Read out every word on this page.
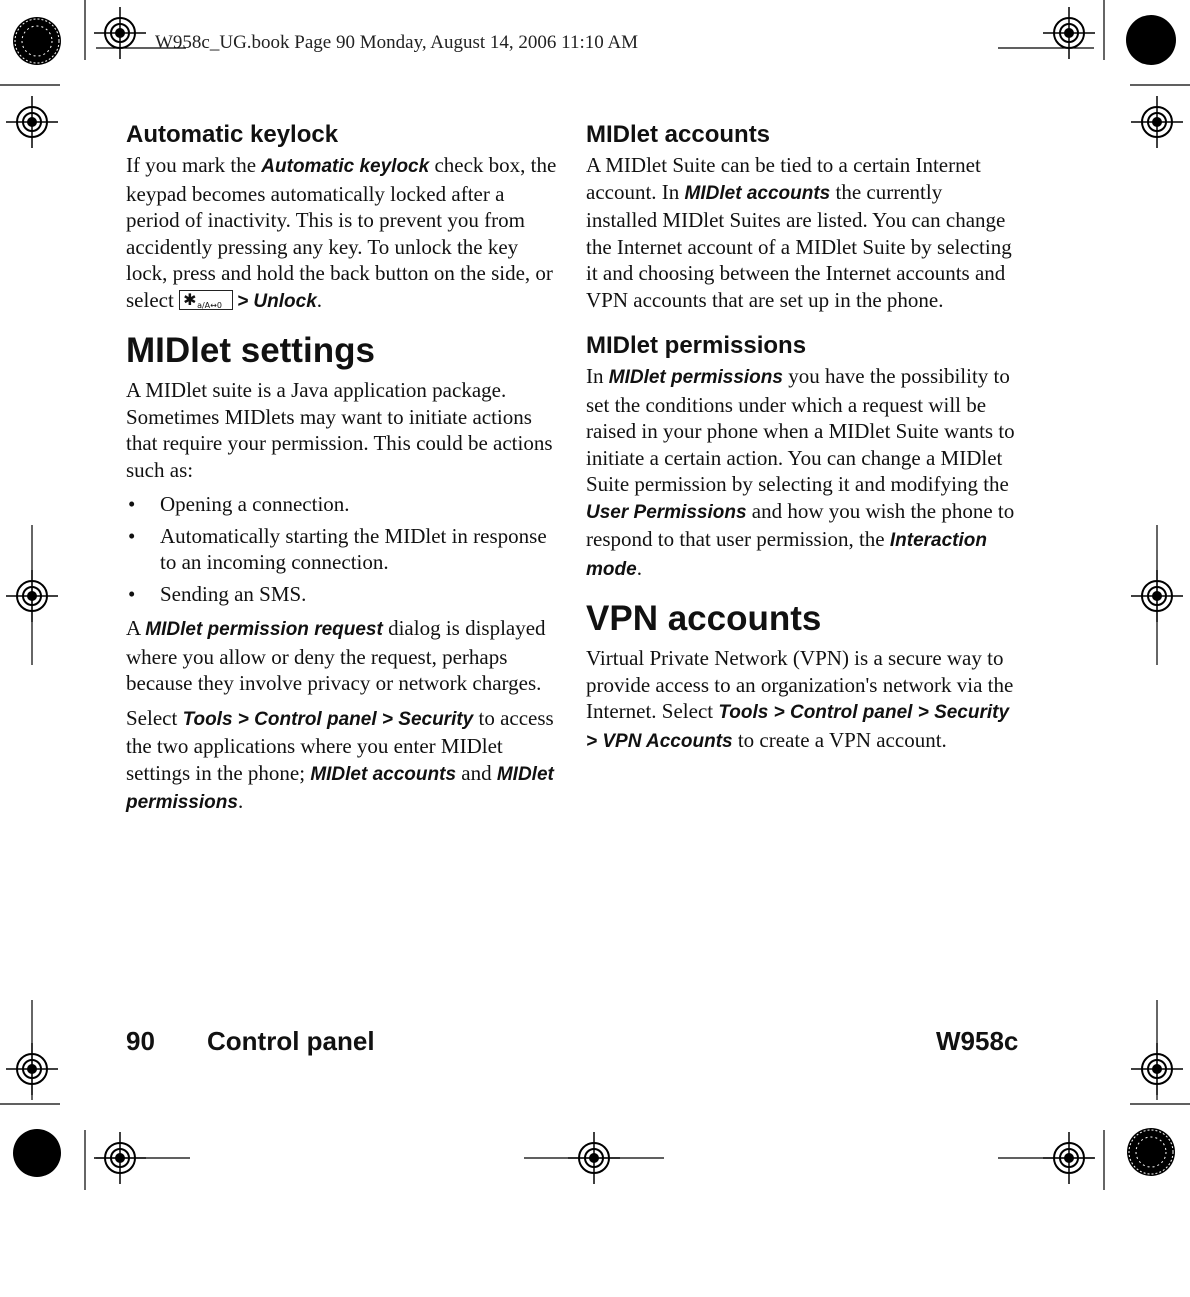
W958c_UG.book Page 90 Monday, August 14, 2006 11:10 AM
Automatic keylock

If you mark the Automatic keylock check box, the keypad becomes automatically locked after a period of inactivity. This is to prevent you from accidently pressing any key. To unlock the key lock, press and hold the back button on the side, or select ✱ a/A↔0 > Unlock.

MIDlet settings

A MIDlet suite is a Java application package. Sometimes MIDlets may want to initiate actions that require your permission. This could be actions such as:

• Opening a connection.
• Automatically starting the MIDlet in response to an incoming connection.
• Sending an SMS.

A MIDlet permission request dialog is displayed where you allow or deny the request, perhaps because they involve privacy or network charges.

Select Tools > Control panel > Security to access the two applications where you enter MIDlet settings in the phone; MIDlet accounts and MIDlet permissions.

MIDlet accounts

A MIDlet Suite can be tied to a certain Internet account. In MIDlet accounts the currently installed MIDlet Suites are listed. You can change the Internet account of a MIDlet Suite by selecting it and choosing between the Internet accounts and VPN accounts that are set up in the phone.

MIDlet permissions

In MIDlet permissions you have the possibility to set the conditions under which a request will be raised in your phone when a MIDlet Suite wants to initiate a certain action. You can change a MIDlet Suite permission by selecting it and modifying the User Permissions and how you wish the phone to respond to that user permission, the Interaction mode.

VPN accounts

Virtual Private Network (VPN) is a secure way to provide access to an organization's network via the Internet. Select Tools > Control panel > Security > VPN Accounts to create a VPN account.

90 Control panel	W958c
